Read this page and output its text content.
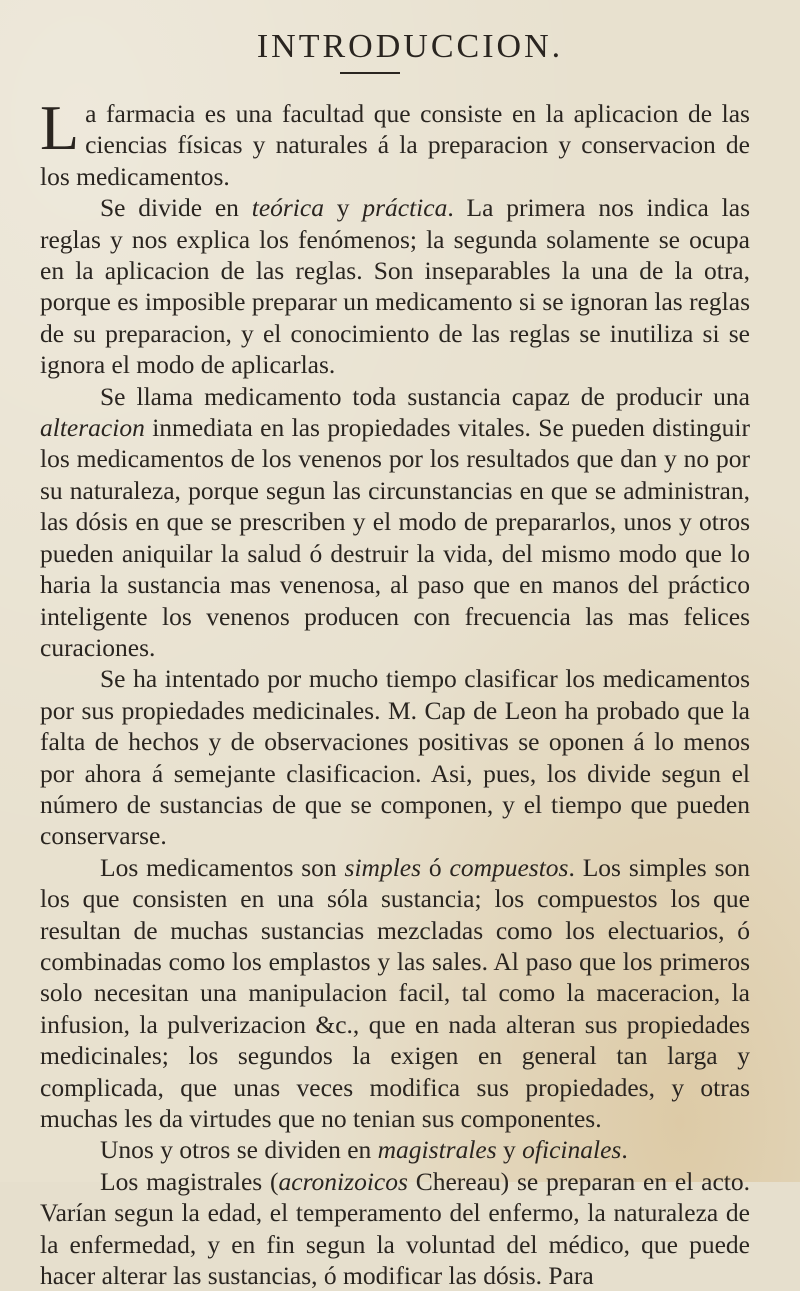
INTRODUCCION.

La farmacia es una facultad que consiste en la aplicacion de las ciencias físicas y naturales á la preparacion y conservacion de los medicamentos.

Se divide en teórica y práctica. La primera nos indica las reglas y nos explica los fenómenos; la segunda solamente se ocupa en la aplicacion de las reglas. Son inseparables la una de la otra, porque es imposible preparar un medicamento si se ignoran las reglas de su preparacion, y el conocimiento de las reglas se inutiliza si se ignora el modo de aplicarlas.

Se llama medicamento toda sustancia capaz de producir una alteracion inmediata en las propiedades vitales. Se pueden distinguir los medicamentos de los venenos por los resultados que dan y no por su naturaleza, porque segun las circunstancias en que se administran, las dósis en que se prescriben y el modo de prepararlos, unos y otros pueden aniquilar la salud ó destruir la vida, del mismo modo que lo haria la sustancia mas venenosa, al paso que en manos del práctico inteligente los venenos producen con frecuencia las mas felices curaciones.

Se ha intentado por mucho tiempo clasificar los medicamentos por sus propiedades medicinales. M. Cap de Leon ha probado que la falta de hechos y de observaciones positivas se oponen á lo menos por ahora á semejante clasificacion. Asi, pues, los divide segun el número de sustancias de que se componen, y el tiempo que pueden conservarse.

Los medicamentos son simples ó compuestos. Los simples son los que consisten en una sóla sustancia; los compuestos los que resultan de muchas sustancias mezcladas como los electuarios, ó combinadas como los emplastos y las sales. Al paso que los primeros solo necesitan una manipulacion facil, tal como la maceracion, la infusion, la pulverizacion &c., que en nada alteran sus propiedades medicinales; los segundos la exigen en general tan larga y complicada, que unas veces modifica sus propiedades, y otras muchas les da virtudes que no tenian sus componentes.

Unos y otros se dividen en magistrales y oficinales.

Los magistrales (acronizoicos Chereau) se preparan en el acto. Varían segun la edad, el temperamento del enfermo, la naturaleza de la enfermedad, y en fin segun la voluntad del médico, que puede hacer alterar las sustancias, ó modificar las dósis. Para
